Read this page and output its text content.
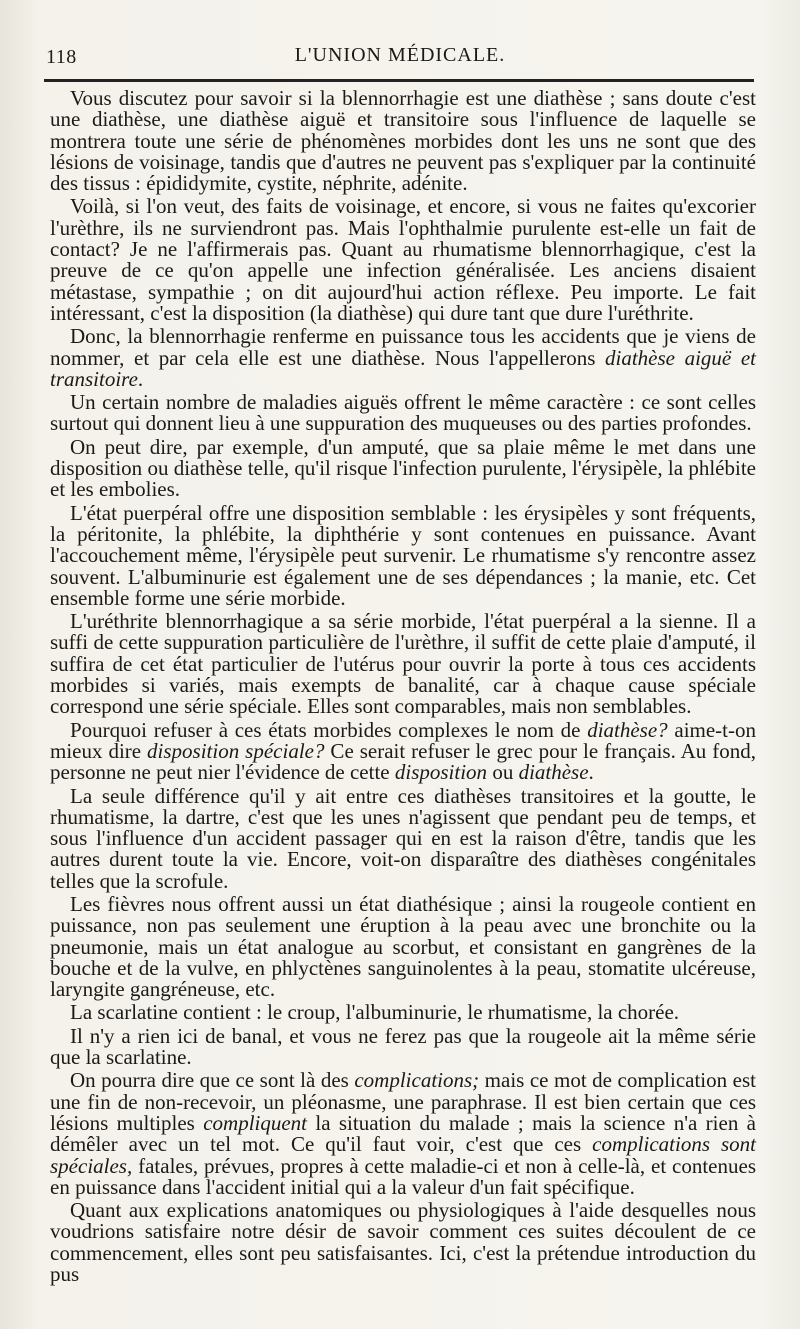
118	L'UNION MÉDICALE.

Vous discutez pour savoir si la blennorrhagie est une diathèse ; sans doute c'est une diathèse, une diathèse aiguë et transitoire sous l'influence de laquelle se montrera toute une série de phénomènes morbides dont les uns ne sont que des lésions de voisinage, tandis que d'autres ne peuvent pas s'expliquer par la continuité des tissus : épididymite, cystite, néphrite, adénite.

Voilà, si l'on veut, des faits de voisinage, et encore, si vous ne faites qu'excorier l'urèthre, ils ne surviendront pas. Mais l'ophthalmie purulente est-elle un fait de contact? Je ne l'affirmerais pas. Quant au rhumatisme blennorrhagique, c'est la preuve de ce qu'on appelle une infection généralisée. Les anciens disaient métastase, sympathie ; on dit aujourd'hui action réflexe. Peu importe. Le fait intéressant, c'est la disposition (la diathèse) qui dure tant que dure l'uréthrite.

Donc, la blennorrhagie renferme en puissance tous les accidents que je viens de nommer, et par cela elle est une diathèse. Nous l'appellerons diathèse aiguë et transitoire.

Un certain nombre de maladies aiguës offrent le même caractère : ce sont celles surtout qui donnent lieu à une suppuration des muqueuses ou des parties profondes.

On peut dire, par exemple, d'un amputé, que sa plaie même le met dans une disposition ou diathèse telle, qu'il risque l'infection purulente, l'érysipèle, la phlébite et les embolies.

L'état puerpéral offre une disposition semblable : les érysipèles y sont fréquents, la péritonite, la phlébite, la diphthérie y sont contenues en puissance. Avant l'accouchement même, l'érysipèle peut survenir. Le rhumatisme s'y rencontre assez souvent. L'albuminurie est également une de ses dépendances ; la manie, etc. Cet ensemble forme une série morbide.

L'uréthrite blennorrhagique a sa série morbide, l'état puerpéral a la sienne. Il a suffi de cette suppuration particulière de l'urèthre, il suffit de cette plaie d'amputé, il suffira de cet état particulier de l'utérus pour ouvrir la porte à tous ces accidents morbides si variés, mais exempts de banalité, car à chaque cause spéciale correspond une série spéciale. Elles sont comparables, mais non semblables.

Pourquoi refuser à ces états morbides complexes le nom de diathèse? aime-t-on mieux dire disposition spéciale? Ce serait refuser le grec pour le français. Au fond, personne ne peut nier l'évidence de cette disposition ou diathèse.

La seule différence qu'il y ait entre ces diathèses transitoires et la goutte, le rhumatisme, la dartre, c'est que les unes n'agissent que pendant peu de temps, et sous l'influence d'un accident passager qui en est la raison d'être, tandis que les autres durent toute la vie. Encore, voit-on disparaître des diathèses congénitales telles que la scrofule.

Les fièvres nous offrent aussi un état diathésique ; ainsi la rougeole contient en puissance, non pas seulement une éruption à la peau avec une bronchite ou la pneumonie, mais un état analogue au scorbut, et consistant en gangrènes de la bouche et de la vulve, en phlyctènes sanguinolentes à la peau, stomatite ulcéreuse, laryngite gangréneuse, etc.

La scarlatine contient : le croup, l'albuminurie, le rhumatisme, la chorée.

Il n'y a rien ici de banal, et vous ne ferez pas que la rougeole ait la même série que la scarlatine.

On pourra dire que ce sont là des complications; mais ce mot de complication est une fin de non-recevoir, un pléonasme, une paraphrase. Il est bien certain que ces lésions multiples compliquent la situation du malade ; mais la science n'a rien à démêler avec un tel mot. Ce qu'il faut voir, c'est que ces complications sont spéciales, fatales, prévues, propres à cette maladie-ci et non à celle-là, et contenues en puissance dans l'accident initial qui a la valeur d'un fait spécifique.

Quant aux explications anatomiques ou physiologiques à l'aide desquelles nous voudrions satisfaire notre désir de savoir comment ces suites découlent de ce commencement, elles sont peu satisfaisantes. Ici, c'est la prétendue introduction du pus
